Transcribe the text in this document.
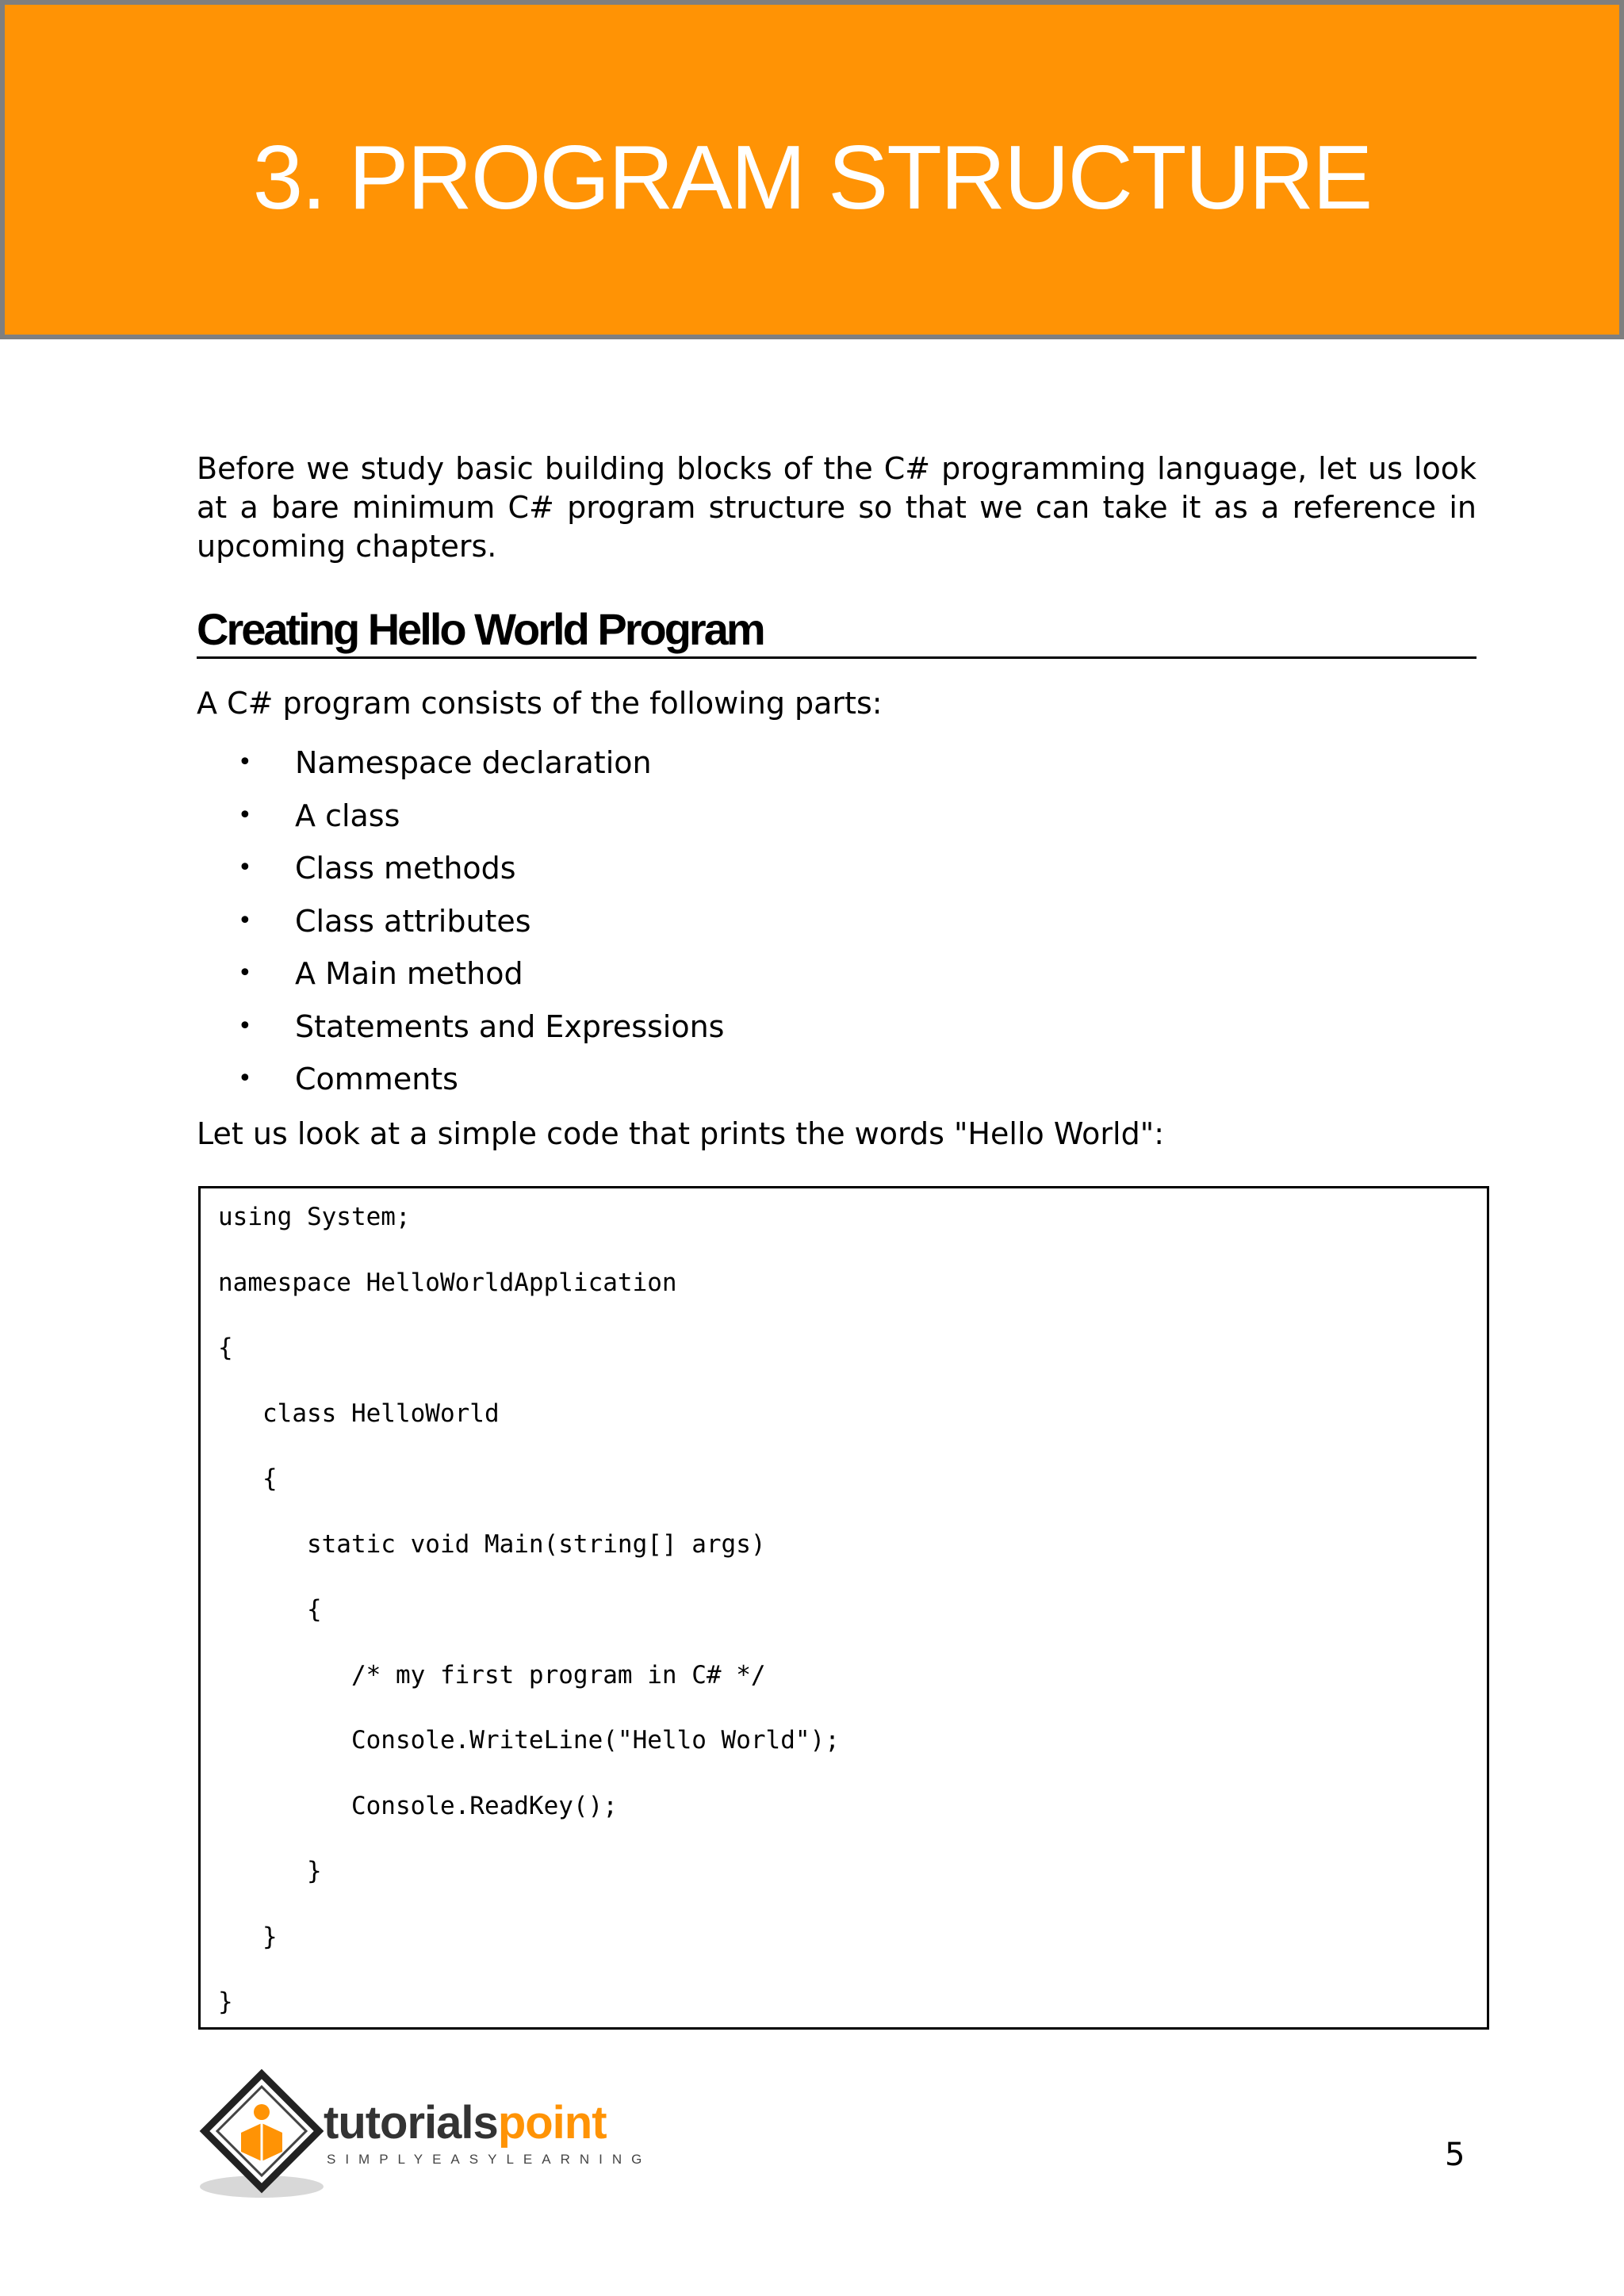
3. PROGRAM STRUCTURE

Before we study basic building blocks of the C# programming language, let us look at a bare minimum C# program structure so that we can take it as a reference in upcoming chapters.

Creating Hello World Program

A C# program consists of the following parts:

•	Namespace declaration
•	A class
•	Class methods
•	Class attributes
•	A Main method
•	Statements and Expressions
•	Comments

Let us look at a simple code that prints the words "Hello World":

using System;
namespace HelloWorldApplication
{
class HelloWorld
{
static void Main(string[] args)
{
/* my first program in C# */
Console.WriteLine("Hello World");
Console.ReadKey();
}
}
}
tutorialspoint
SIMPLYEASYLEARNING	5
